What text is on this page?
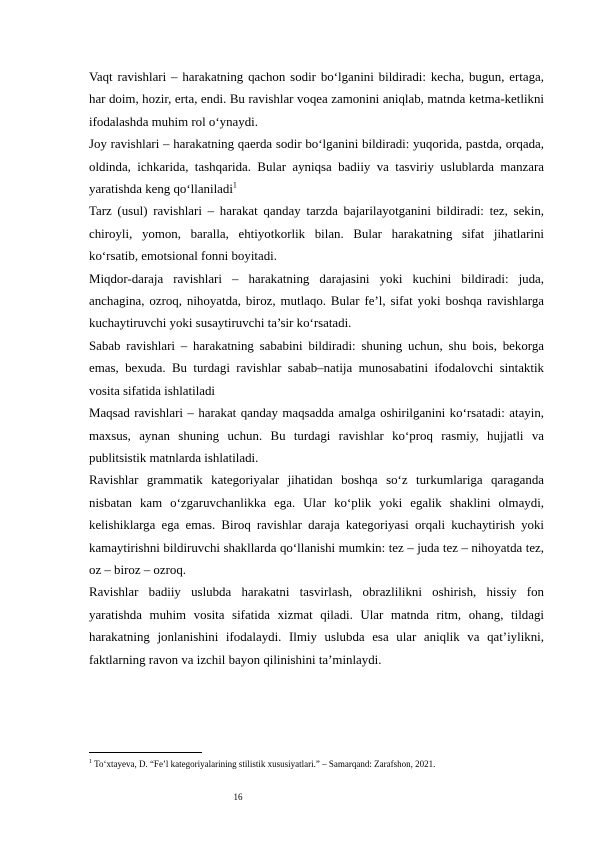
Vaqt ravishlari – harakatning qachon sodir bo‘lganini bildiradi: kecha, bugun, ertaga, har doim, hozir, erta, endi. Bu ravishlar voqea zamonini aniqlab, matnda ketma-ketlikni ifodalashda muhim rol o‘ynaydi.

Joy ravishlari – harakatning qaerda sodir bo‘lganini bildiradi: yuqorida, pastda, orqada, oldinda, ichkarida, tashqarida. Bular ayniqsa badiiy va tasviriy uslublarda manzara yaratishda keng qo‘llaniladi$^1$

Tarz (usul) ravishlari – harakat qanday tarzda bajarilayotganini bildiradi: tez, sekin, chiroyli, yomon, baralla, ehtiyotkorlik bilan. Bular harakatning sifat jihatlarini ko‘rsatib, emotsional fonni boyitadi.

Miqdor-daraja ravishlari – harakatning darajasini yoki kuchini bildiradi: juda, anchagina, ozroq, nihoyatda, biroz, mutlaqo. Bular fe’l, sifat yoki boshqa ravishlarga kuchaytiruvchi yoki susaytiruvchi ta’sir ko‘rsatadi.

Sabab ravishlari – harakatning sababini bildiradi: shuning uchun, shu bois, bekorga emas, bexuda. Bu turdagi ravishlar sabab–natija munosabatini ifodalovchi sintaktik vosita sifatida ishlatiladi

Maqsad ravishlari – harakat qanday maqsadda amalga oshirilganini ko‘rsatadi: atayin, maxsus, aynan shuning uchun. Bu turdagi ravishlar ko‘proq rasmiy, hujjatli va publitsistik matnlarda ishlatiladi.

Ravishlar grammatik kategoriyalar jihatidan boshqa so‘z turkumlariga qaraganda nisbatan kam o‘zgaruvchanlikka ega. Ular ko‘plik yoki egalik shaklini olmaydi, kelishiklarga ega emas. Biroq ravishlar daraja kategoriyasi orqali kuchaytirish yoki kamaytirishni bildiruvchi shakllarda qo‘llanishi mumkin: tez – juda tez – nihoyatda tez, oz – biroz – ozroq.

Ravishlar badiiy uslubda harakatni tasvirlash, obrazlilikni oshirish, hissiy fon yaratishda muhim vosita sifatida xizmat qiladi. Ular matnda ritm, ohang, tildagi harakatning jonlanishini ifodalaydi. Ilmiy uslubda esa ular aniqlik va qat’iylikni, faktlarning ravon va izchil bayon qilinishini ta’minlaydi.

$^1$ To‘xtayeva, D. “Fe’l kategoriyalarining stilistik xususiyatlari.” – Samarqand: Zarafshon, 2021.
16
